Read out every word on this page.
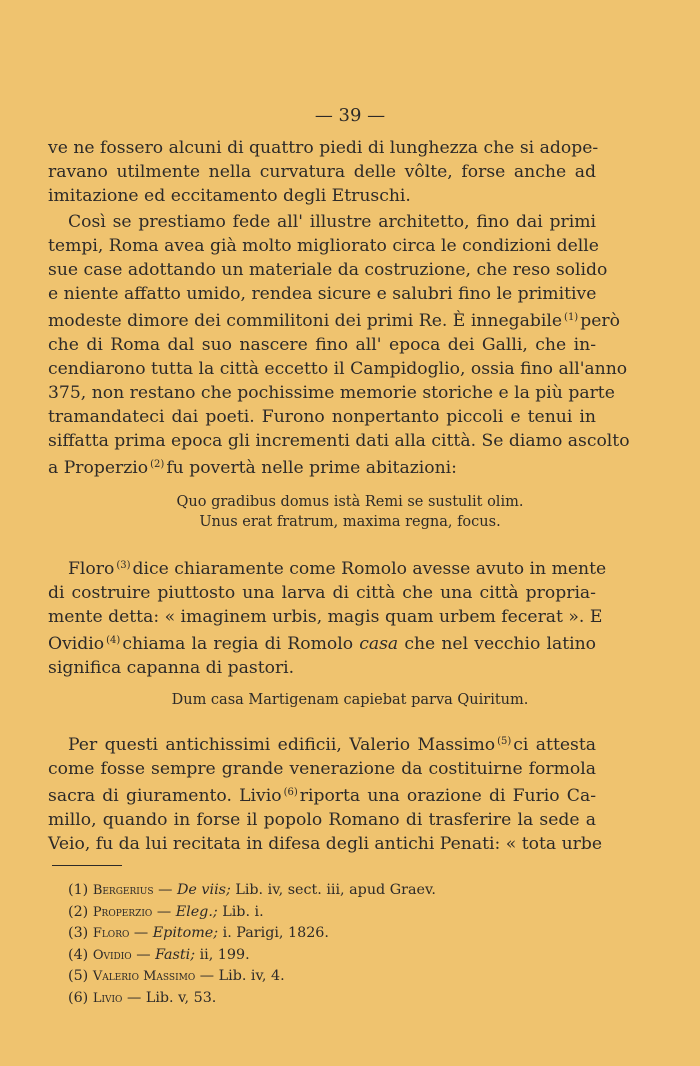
— 39 —
ve ne fossero alcuni di quattro piedi di lunghezza che si adope-
ravano utilmente nella curvatura delle vôlte, forse anche ad
imitazione ed eccitamento degli Etruschi.
Così se prestiamo fede all' illustre architetto, fino dai primi
tempi, Roma avea già molto migliorato circa le condizioni delle
sue case adottando un materiale da costruzione, che reso solido
e niente affatto umido, rendea sicure e salubri fino le primitive
modeste dimore dei commilitoni dei primi Re. È innegabile $^{(1)}$ però
che di Roma dal suo nascere fino all' epoca dei Galli, che in-
cendiarono tutta la città eccetto il Campidoglio, ossia fino all'anno
375, non restano che pochissime memorie storiche e la più parte
tramandateci dai poeti. Furono nonpertanto piccoli e tenui in
siffatta prima epoca gli incrementi dati alla città. Se diamo ascolto
a Properzio $^{(2)}$ fu povertà nelle prime abitazioni:
Quo gradibus domus istà Remi se sustulit olim.
Unus erat fratrum, maxima regna, focus.
Floro $^{(3)}$ dice chiaramente come Romolo avesse avuto in mente
di costruire piuttosto una larva di città che una città propria-
mente detta: « imaginem urbis, magis quam urbem fecerat ». E
Ovidio $^{(4)}$ chiama la regia di Romolo casa che nel vecchio latino
significa capanna di pastori.
Dum casa Martigenam capiebat parva Quiritum.
Per questi antichissimi edificii, Valerio Massimo $^{(5)}$ ci attesta
come fosse sempre grande venerazione da costituirne formola
sacra di giuramento. Livio $^{(6)}$ riporta una orazione di Furio Ca-
millo, quando in forse il popolo Romano di trasferire la sede a
Veio, fu da lui recitata in difesa degli antichi Penati: « tota urbe
(1) Bergerius — De viis; Lib. iv, sect. iii, apud Graev.
(2) Properzio — Eleg.; Lib. i.
(3) Floro — Epitome; i. Parigi, 1826.
(4) Ovidio — Fasti; ii, 199.
(5) Valerio Massimo — Lib. iv, 4.
(6) Livio — Lib. v, 53.
